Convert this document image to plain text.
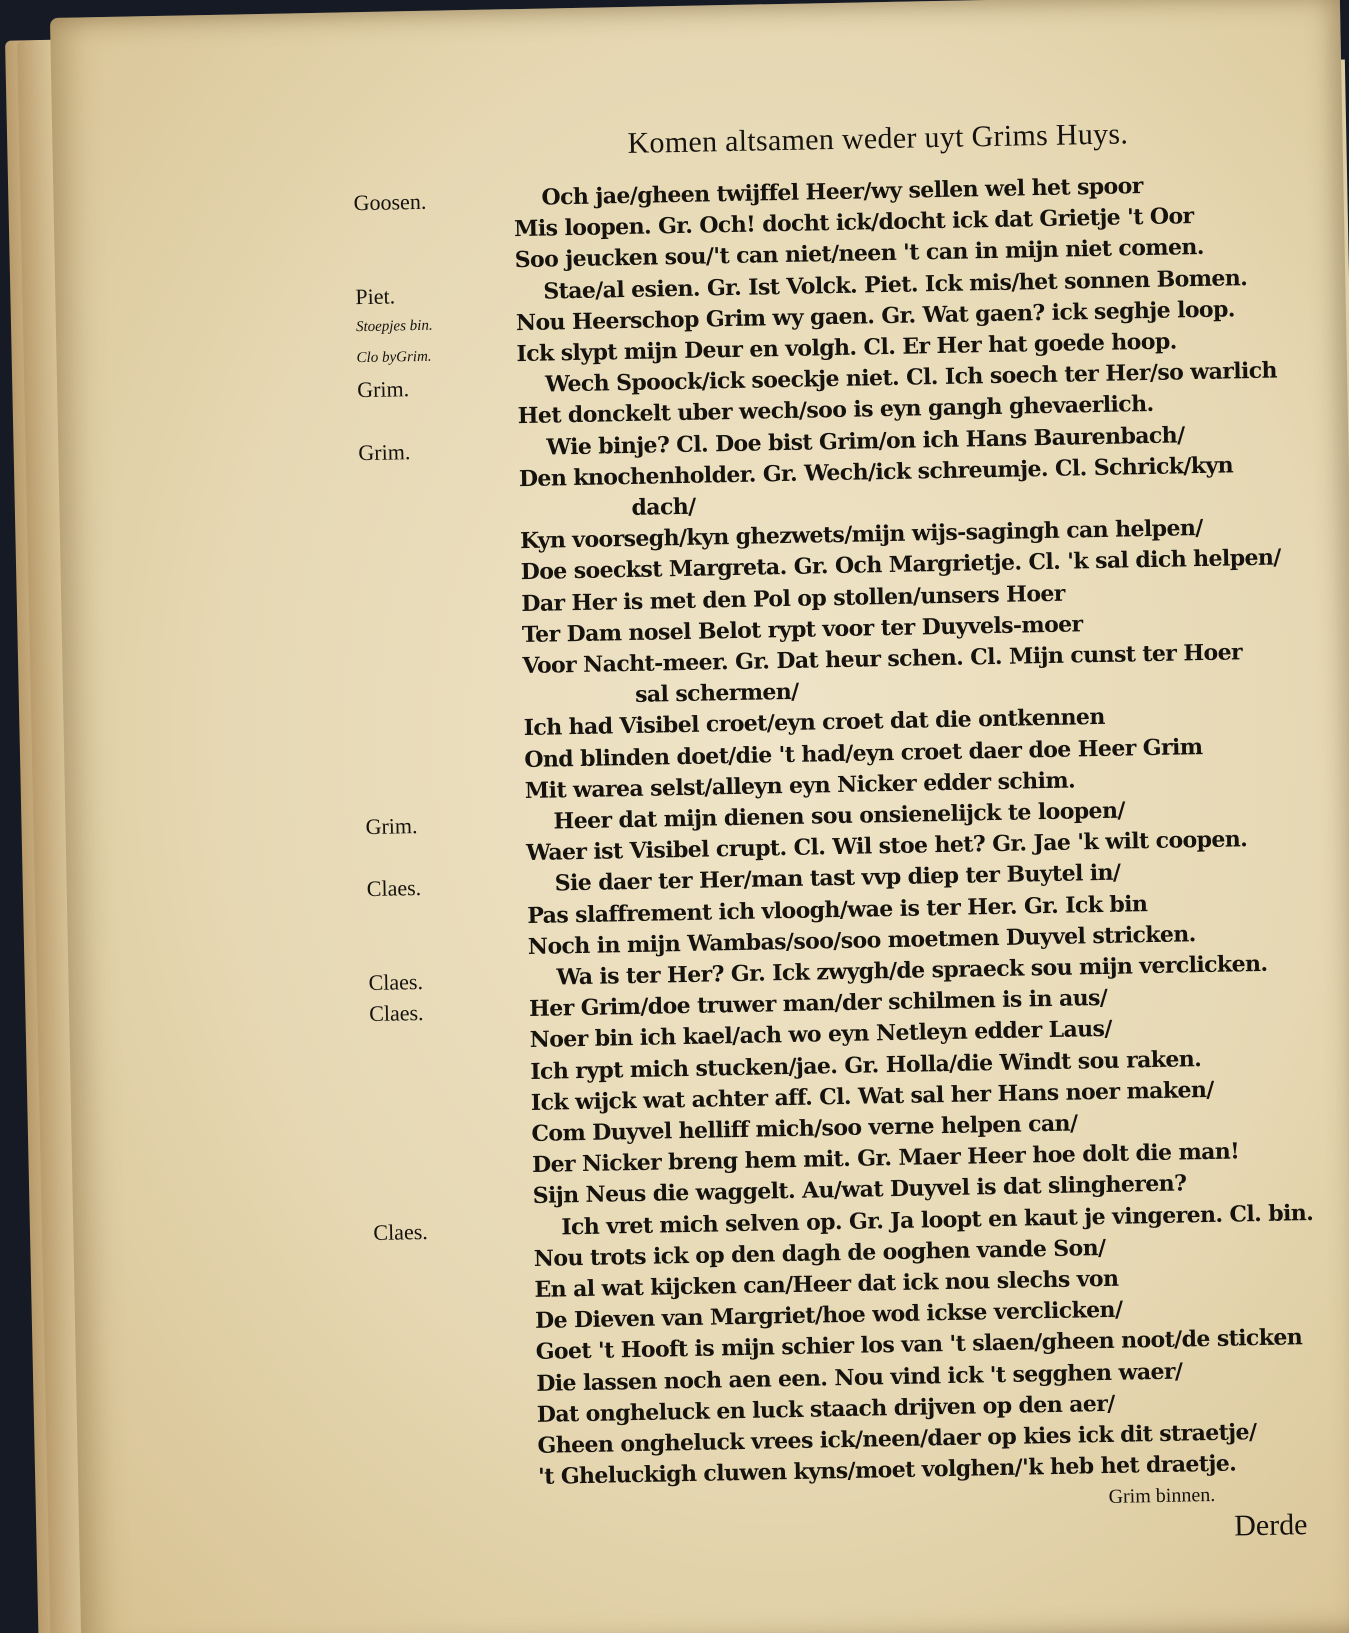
Komen altsamen weder uyt Grims Huys.
Goosen.	Och jae/gheen twijffel Heer/wy sellen wel het spoor
Mis loopen. Gr. Och! docht ick/docht ick dat Grietje 't Oor
Soo jeucken sou/'t can niet/neen 't can in mijn niet comen.
Piet.	Stae/al esien. Gr. Ist Volck. Piet. Ick mis/het sonnen Bomen.
Stoepjes bin.	Nou Heerschop Grim wy gaen. Gr. Wat gaen? ick seghje loop.
Clo byGrim.	Ick slypt mijn Deur en volgh. Cl. Er Her hat goede hoop.
Grim.	Wech Spoock/ick soeckje niet. Cl. Ich soech ter Her/so warlich
Het donckelt uber wech/soo is eyn gangh ghevaerlich.
Grim.	Wie binje? Cl. Doe bist Grim/on ich Hans Baurenbach/
Den knochenholder. Gr. Wech/ick schreumje. Cl. Schrick/kyn
dach/
Kyn voorsegh/kyn ghezwets/mijn wijs-sagingh can helpen/
Doe soeckst Margreta. Gr. Och Margrietje. Cl. 'k sal dich helpen/
Dar Her is met den Pol op stollen/unsers Hoer
Ter Dam nosel Belot rypt voor ter Duyvels-moer
Voor Nacht-meer. Gr. Dat heur schen. Cl. Mijn cunst ter Hoer
sal schermen/
Ich had Visibel croet/eyn croet dat die ontkennen
Ond blinden doet/die 't had/eyn croet daer doe Heer Grim
Mit warea selst/alleyn eyn Nicker edder schim.
Grim.	Heer dat mijn dienen sou onsienelijck te loopen/
Waer ist Visibel crupt. Cl. Wil stoe het? Gr. Jae 'k wilt coopen.
Claes.	Sie daer ter Her/man tast vvp diep ter Buytel in/
Pas slaffrement ich vloogh/wae is ter Her. Gr. Ick bin
Noch in mijn Wambas/soo/soo moetmen Duyvel stricken.
Claes.	Wa is ter Her? Gr. Ick zwygh/de spraeck sou mijn verclicken.
Claes.	Her Grim/doe truwer man/der schilmen is in aus/
Noer bin ich kael/ach wo eyn Netleyn edder Laus/
Ich rypt mich stucken/jae. Gr. Holla/die Windt sou raken.
Ick wijck wat achter aff. Cl. Wat sal her Hans noer maken/
Com Duyvel helliff mich/soo verne helpen can/
Der Nicker breng hem mit. Gr. Maer Heer hoe dolt die man!
Sijn Neus die waggelt. Au/wat Duyvel is dat slingheren?
Claes.	Ich vret mich selven op. Gr. Ja loopt en kaut je vingeren. Cl. bin.
Nou trots ick op den dagh de ooghen vande Son/
En al wat kijcken can/Heer dat ick nou slechs von
De Dieven van Margriet/hoe wod ickse verclicken/
Goet 't Hooft is mijn schier los van 't slaen/gheen noot/de sticken
Die lassen noch aen een. Nou vind ick 't segghen waer/
Dat ongheluck en luck staach drijven op den aer/
Gheen ongheluck vrees ick/neen/daer op kies ick dit straetje/
't Gheluckigh cluwen kyns/moet volghen/'k heb het draetje.
Grim binnen.
Derde
